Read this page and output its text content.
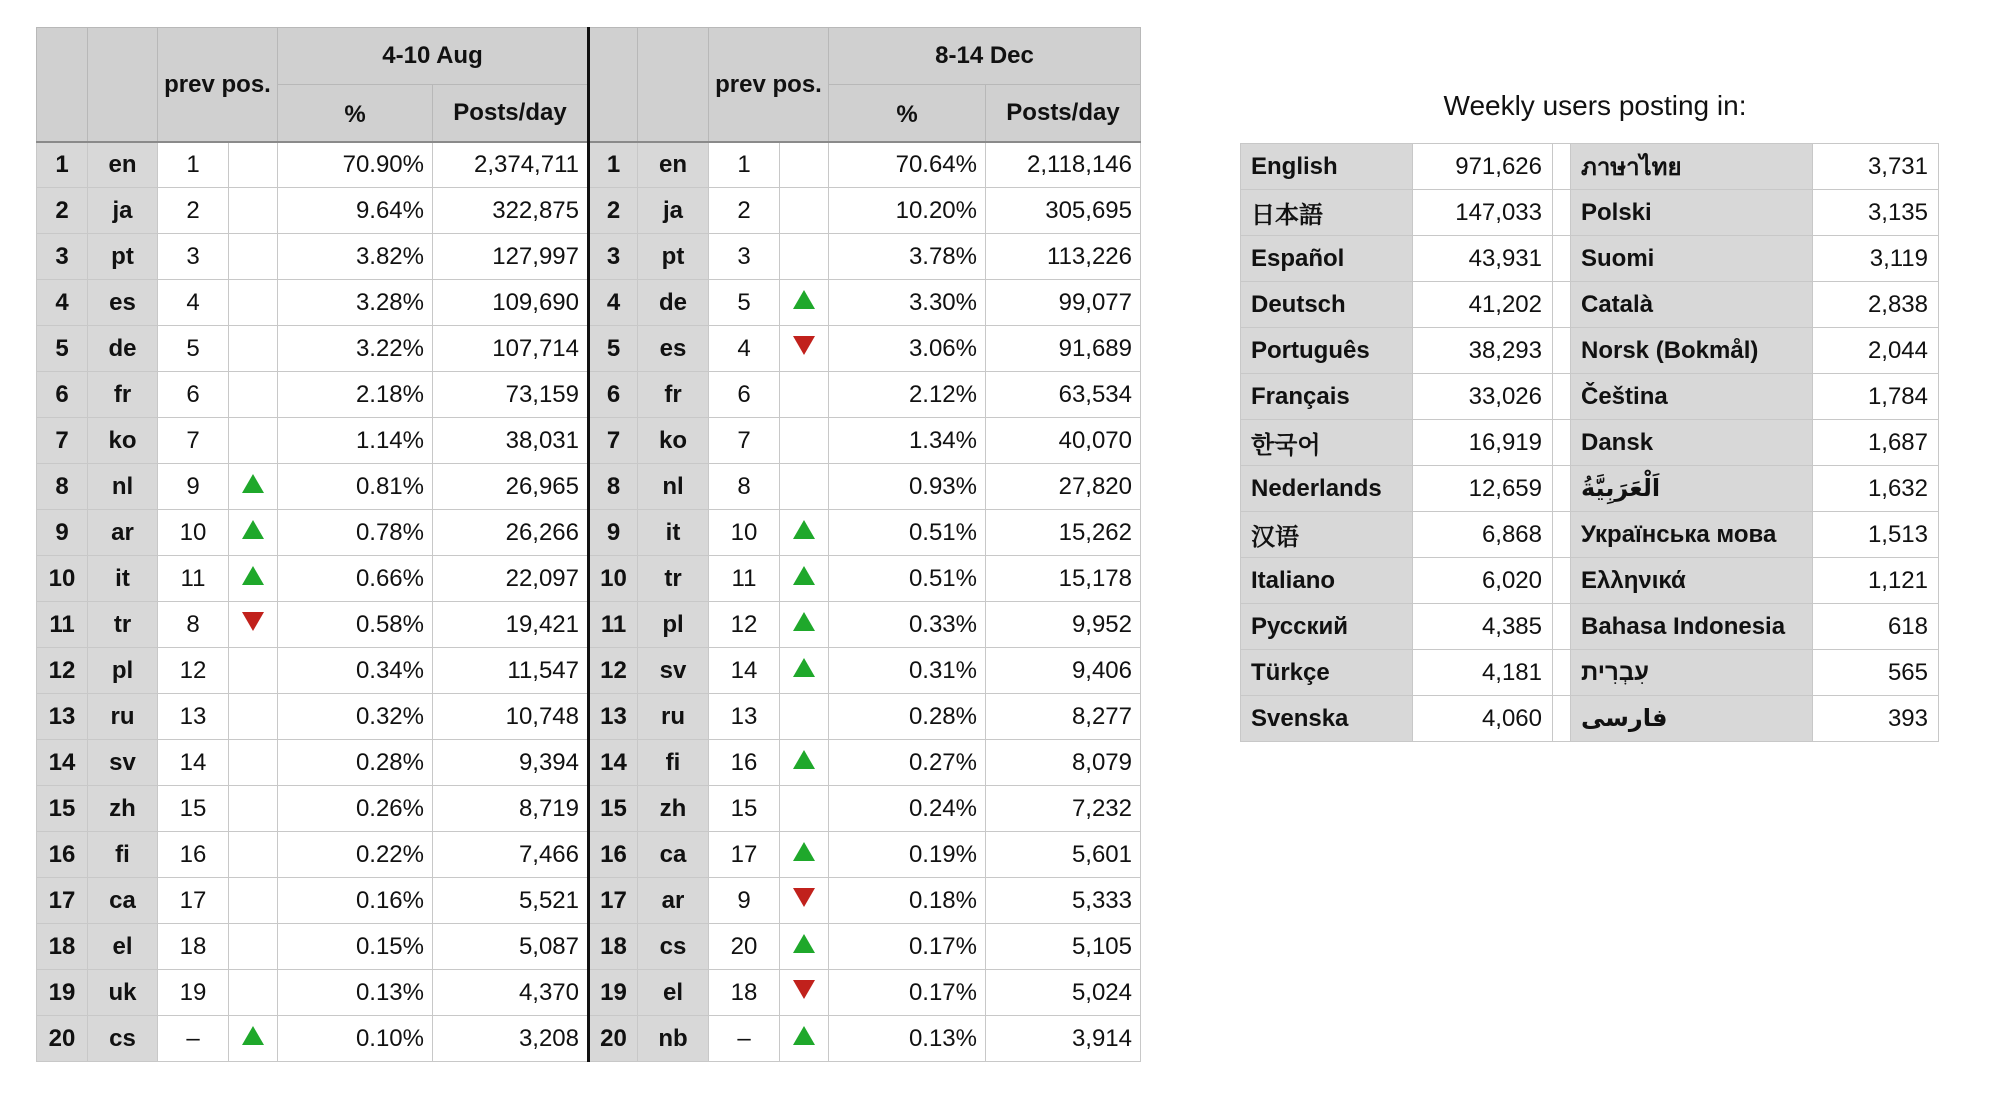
		prev pos.		4-10 Aug				prev pos.		8-14 Dec	
				%	Posts/day					%	Posts/day
1	en	1		70.90%	2,374,711	1	en	1		70.64%	2,118,146
2	ja	2		9.64%	322,875	2	ja	2		10.20%	305,695
3	pt	3		3.82%	127,997	3	pt	3		3.78%	113,226
4	es	4		3.28%	109,690	4	de	5		3.30%	99,077
5	de	5		3.22%	107,714	5	es	4		3.06%	91,689
6	fr	6		2.18%	73,159	6	fr	6		2.12%	63,534
7	ko	7		1.14%	38,031	7	ko	7		1.34%	40,070
8	nl	9		0.81%	26,965	8	nl	8		0.93%	27,820
9	ar	10		0.78%	26,266	9	it	10		0.51%	15,262
10	it	11		0.66%	22,097	10	tr	11		0.51%	15,178
11	tr	8		0.58%	19,421	11	pl	12		0.33%	9,952
12	pl	12		0.34%	11,547	12	sv	14		0.31%	9,406
13	ru	13		0.32%	10,748	13	ru	13		0.28%	8,277
14	sv	14		0.28%	9,394	14	fi	16		0.27%	8,079
15	zh	15		0.26%	8,719	15	zh	15		0.24%	7,232
16	fi	16		0.22%	7,466	16	ca	17		0.19%	5,601
17	ca	17		0.16%	5,521	17	ar	9		0.18%	5,333
18	el	18		0.15%	5,087	18	cs	20		0.17%	5,105
19	uk	19		0.13%	4,370	19	el	18		0.17%	5,024
20	cs	–		0.10%	3,208	20	nb	–		0.13%	3,914
Weekly users posting in:
English	971,626		ภาษาไทย	3,731
日本語	147,033		Polski	3,135
Español	43,931		Suomi	3,119
Deutsch	41,202		Català	2,838
Português	38,293		Norsk (Bokmål)	2,044
Français	33,026		Čeština	1,784
한국어	16,919		Dansk	1,687
Nederlands	12,659		اَلْعَرَبِيَّةُ	1,632
汉语	6,868		Українська мова	1,513
Italiano	6,020		Ελληνικά	1,121
Русский	4,385		Bahasa Indonesia	618
Türkçe	4,181		עִבְרִית	565
Svenska	4,060		فارسی	393
